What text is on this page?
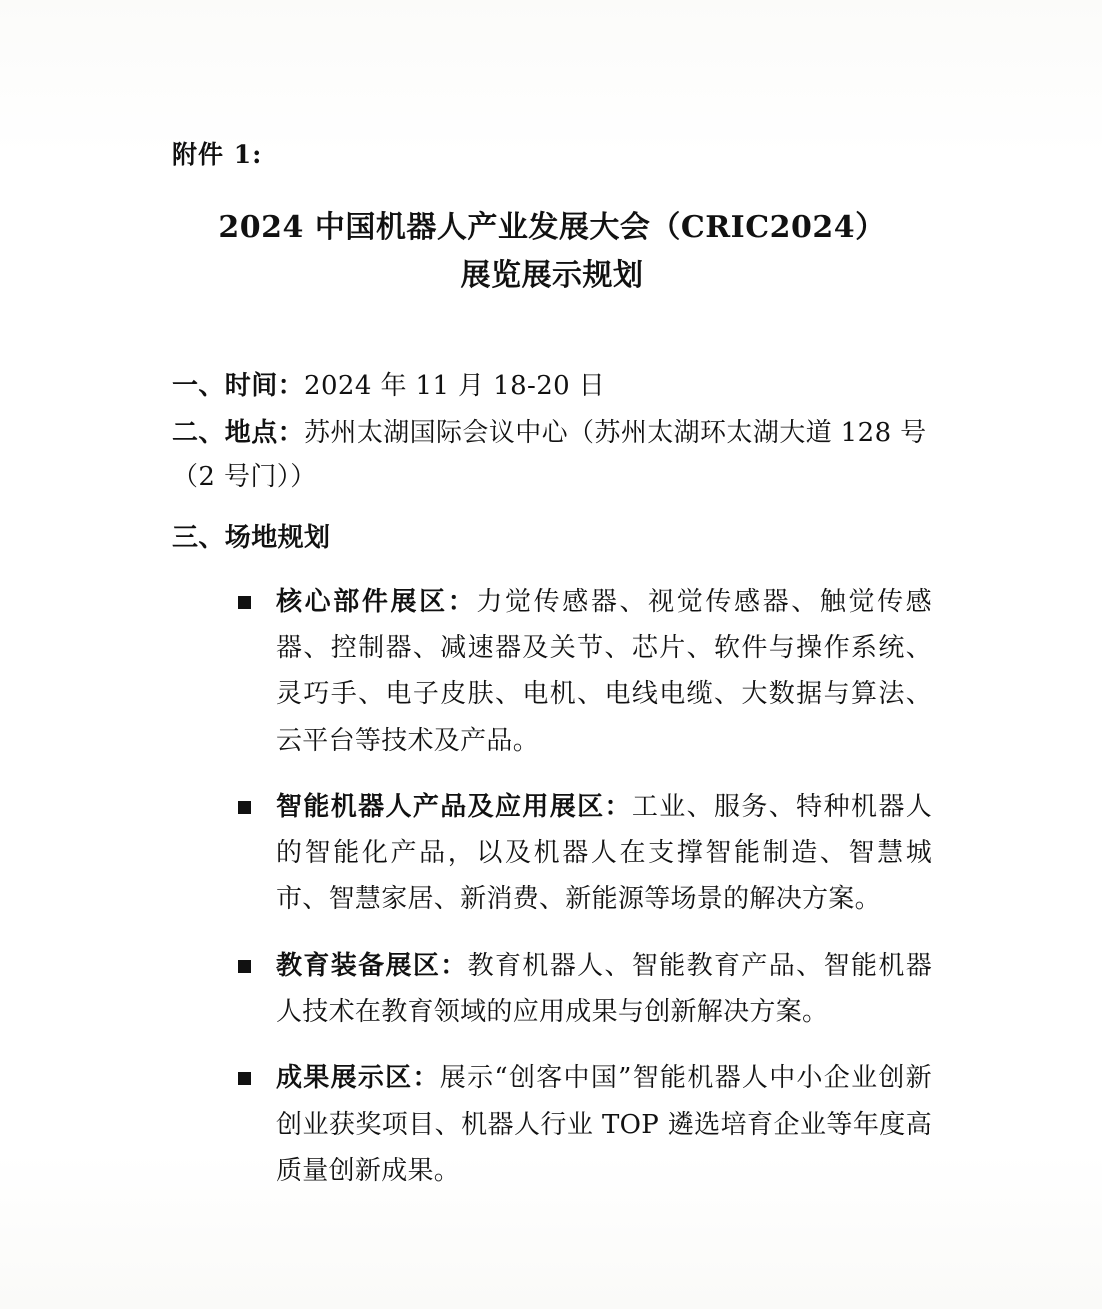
附件 1:
2024 中国机器人产业发展大会（CRIC2024）
展览展示规划
一、时间：2024 年 11 月 18-20 日
二、地点：苏州太湖国际会议中心（苏州太湖环太湖大道 128 号（2 号门））
三、场地规划
核心部件展区：力觉传感器、视觉传感器、触觉传感器、控制器、减速器及关节、芯片、软件与操作系统、灵巧手、电子皮肤、电机、电线电缆、大数据与算法、云平台等技术及产品。
智能机器人产品及应用展区：工业、服务、特种机器人的智能化产品，以及机器人在支撑智能制造、智慧城市、智慧家居、新消费、新能源等场景的解决方案。
教育装备展区：教育机器人、智能教育产品、智能机器人技术在教育领域的应用成果与创新解决方案。
成果展示区：展示“创客中国”智能机器人中小企业创新创业获奖项目、机器人行业 TOP 遴选培育企业等年度高质量创新成果。
